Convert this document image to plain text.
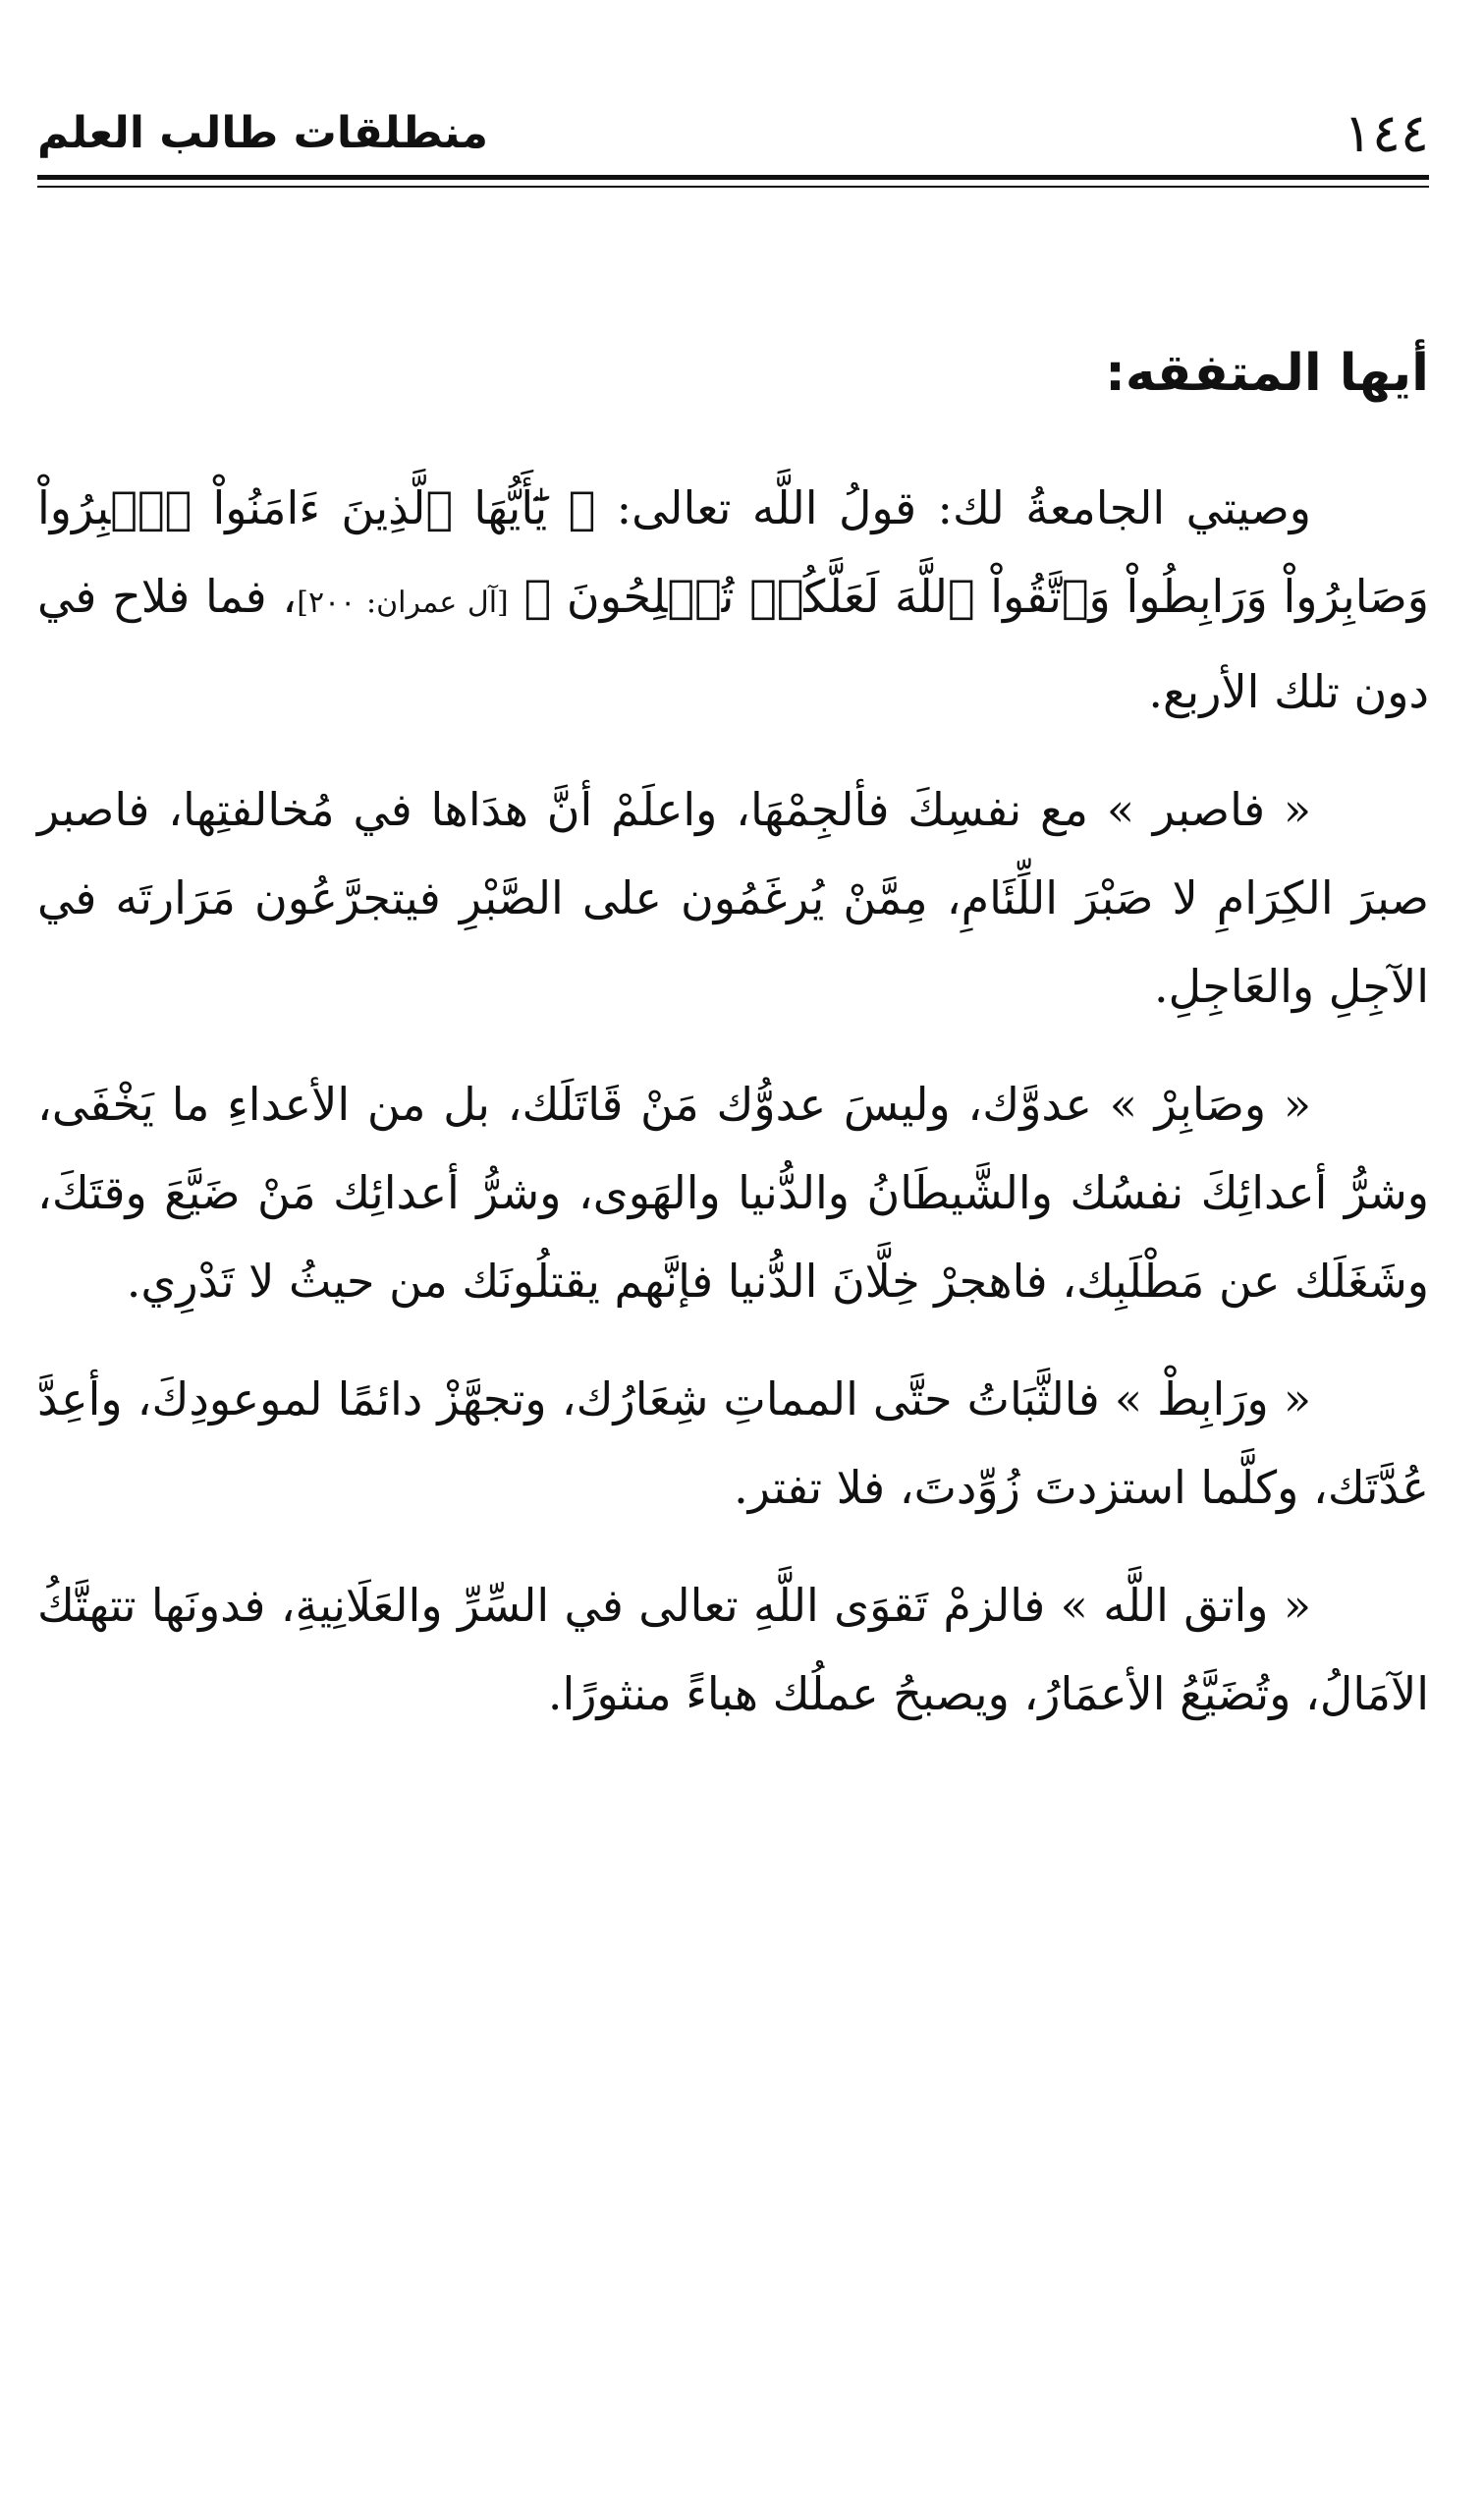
١٤٤
منطلقات طالب العلم
أيها المتفقه:

وصيتي الجامعةُ لك: قولُ اللَّه تعالى: ﴿ يَٰٓأَيُّهَا ٱلَّذِينَ ءَامَنُواْ ٱصۡبِرُواْ وَصَابِرُواْ وَرَابِطُواْ وَٱتَّقُواْ ٱللَّهَ لَعَلَّكُمۡ تُفۡلِحُونَ ﴾ [آل عمران: ٢٠٠]، فما فلاح في دون تلك الأربع.

« فاصبر » مع نفسِكَ فألجِمْهَا، واعلَمْ أنَّ هدَاها في مُخالفتِها، فاصبر صبرَ الكِرَامِ لا صَبْرَ اللِّئَامِ، مِمَّنْ يُرغَمُون على الصَّبْرِ فيتجرَّعُون مَرَارتَه في الآجِلِ والعَاجِلِ.

« وصَابِرْ » عدوَّك، وليسَ عدوُّك مَنْ قَاتَلَك، بل من الأعداءِ ما يَخْفَى، وشرُّ أعدائِكَ نفسُك والشَّيطَانُ والدُّنيا والهَوى، وشرُّ أعدائِك مَنْ ضَيَّعَ وقتَكَ، وشَغَلَك عن مَطْلَبِك، فاهجرْ خِلَّانَ الدُّنيا فإنَّهم يقتلُونَك من حيثُ لا تَدْرِي.

« ورَابِطْ » فالثَّبَاتُ حتَّى المماتِ شِعَارُك، وتجهَّزْ دائمًا لموعودِكَ، وأعِدَّ عُدَّتَك، وكلَّما استزدتَ زُوِّدتَ، فلا تفتر.

« واتق اللَّه » فالزمْ تَقوَى اللَّهِ تعالى في السِّرِّ والعَلَانِيةِ، فدونَها تتهتَّكُ الآمَالُ، وتُضَيَّعُ الأعمَارُ، ويصبحُ عملُك هباءً منثورًا.
